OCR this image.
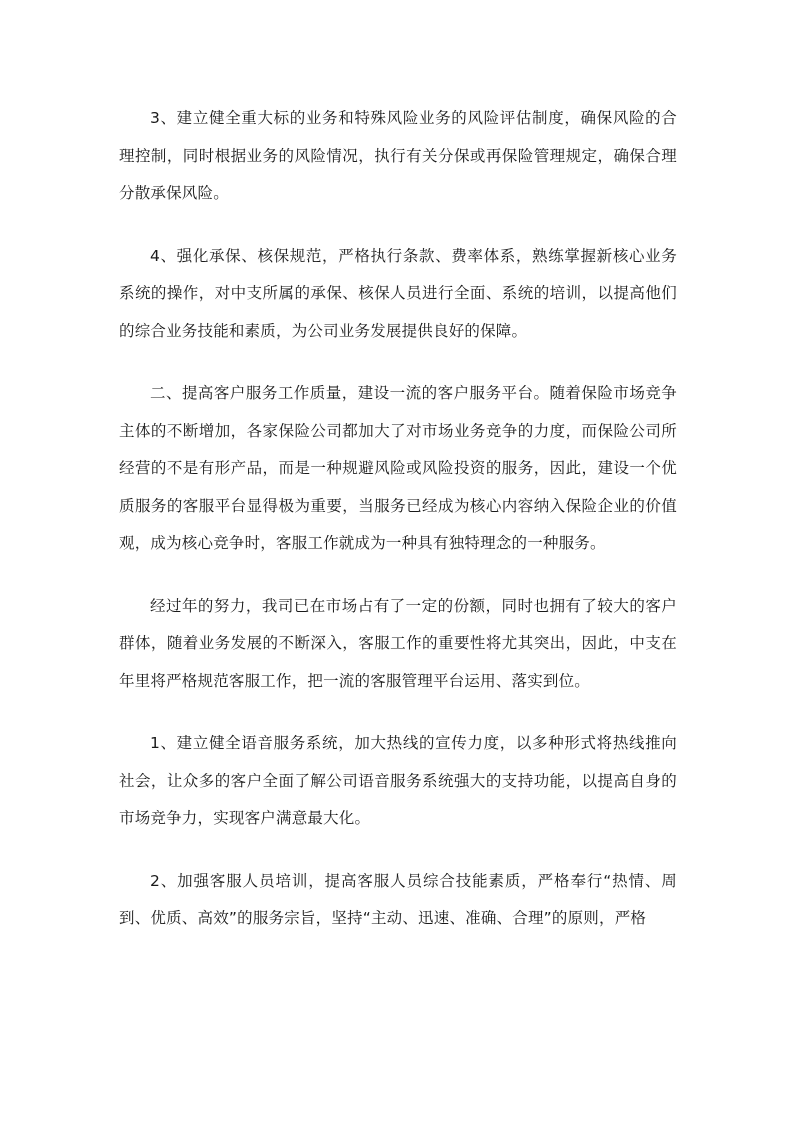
3、建立健全重大标的业务和特殊风险业务的风险评估制度，确保风险的合理控制，同时根据业务的风险情况，执行有关分保或再保险管理规定，确保合理分散承保风险。

4、强化承保、核保规范，严格执行条款、费率体系，熟练掌握新核心业务系统的操作，对中支所属的承保、核保人员进行全面、系统的培训，以提高他们的综合业务技能和素质，为公司业务发展提供良好的保障。

二、提高客户服务工作质量，建设一流的客户服务平台。随着保险市场竞争主体的不断增加，各家保险公司都加大了对市场业务竞争的力度，而保险公司所经营的不是有形产品，而是一种规避风险或风险投资的服务，因此，建设一个优质服务的客服平台显得极为重要，当服务已经成为核心内容纳入保险企业的价值观，成为核心竞争时，客服工作就成为一种具有独特理念的一种服务。

经过年的努力，我司已在市场占有了一定的份额，同时也拥有了较大的客户群体，随着业务发展的不断深入，客服工作的重要性将尤其突出，因此，中支在年里将严格规范客服工作，把一流的客服管理平台运用、落实到位。

1、建立健全语音服务系统，加大热线的宣传力度，以多种形式将热线推向社会，让众多的客户全面了解公司语音服务系统强大的支持功能，以提高自身的市场竞争力，实现客户满意最大化。

2、加强客服人员培训，提高客服人员综合技能素质，严格奉行“热情、周到、优质、高效”的服务宗旨，坚持“主动、迅速、准确、合理”的原则，严格
